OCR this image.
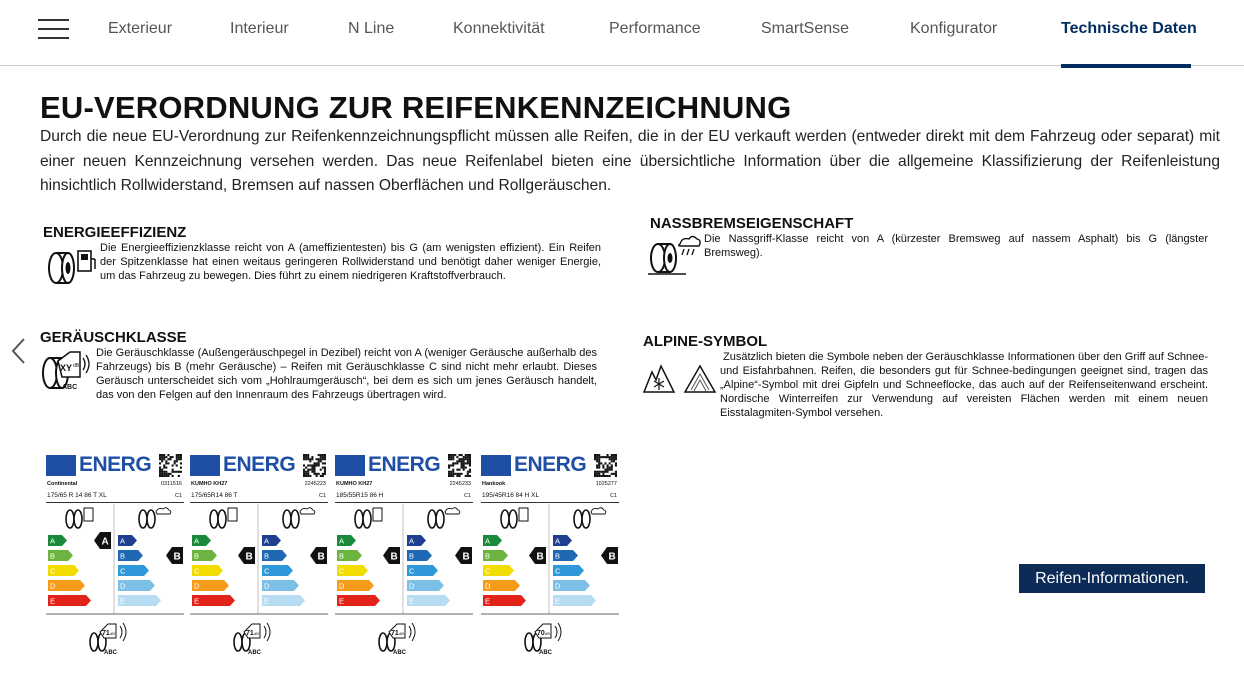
Exterieur	Interieur	N Line	Konnektivität	Performance	SmartSense	Konfigurator	Technische Daten
EU-VERORDNUNG ZUR REIFENKENNZEICHNUNG

Durch die neue EU-Verordnung zur Reifenkennzeichnungspflicht müssen alle Reifen, die in der EU verkauft werden (entweder direkt mit dem Fahrzeug oder separat) mit einer neuen Kennzeichnung versehen werden. Das neue Reifenlabel bieten eine übersichtliche Information über die allgemeine Klassifizierung der Reifenleistung hinsichtlich Rollwiderstand, Bremsen auf nassen Oberflächen und Rollgeräuschen.

ENERGIEEFFIZIENZ

Die Energieeffizienzklasse reicht von A (ameffizientesten) bis G (am wenigsten effizient). Ein Reifen der Spitzenklasse hat einen weitaus geringeren Rollwiderstand und benötigt daher weniger Energie, um das Fahrzeug zu bewegen. Dies führt zu einem niedrigeren Kraftstoffverbrauch.

NASSBREMSEIGENSCHAFT

Die Nassgriff-Klasse reicht von A (kürzester Bremsweg auf nassem Asphalt) bis G (längster Bremsweg).

GERÄUSCHKLASSE
XY dB
ABC

Die Geräuschklasse (Außengeräuschpegel in Dezibel) reicht von A (weniger Geräusche außerhalb des Fahrzeugs) bis B (mehr Geräusche) – Reifen mit Geräuschklasse C sind nicht mehr erlaubt. Dieses Geräusch unterscheidet sich vom „Hohlraumgeräusch“, bei dem es sich um jenes Geräusch handelt, das von den Felgen auf den Innenraum des Fahrzeugs übertragen wird.

ALPINE-SYMBOL

Zusätzlich bieten die Symbole neben der Geräuschklasse Informationen über den Griff auf Schnee- und Eisfahrbahnen. Reifen, die besonders gut für Schnee-bedingungen geeignet sind, tragen das „Alpine“-Symbol mit drei Gipfeln und Schneeflocke, das auch auf der Reifenseitenwand erscheint. Nordische Winterreifen zur Verwendung auf vereisten Flächen werden mit einem neuen Eisstalagmiten-Symbol versehen.

ENERG
Continental	0311516
175/65 R 14 86 T XL	C1
A	A
B	B
C	C
D	D
E	E
A
B
71 dB
ABC
ENERG
KUMHO KH27	2245223
175/65R14 86 T	C1
A	A
B	B
C	C
D	D
E	E
B	B
71 dB
ABC
ENERG
KUMHO KH27	2245233
185/55R15 86 H	C1
A	A
B	B
C	C
D	D
E	E
B	B
71 dB
ABC
ENERG
Hankook	1025277
195/45R16 84 H XL	C1
A	A
B	B
C	C
D	D
E	E
B	B
70 dB
ABC
Reifen-Informationen.
